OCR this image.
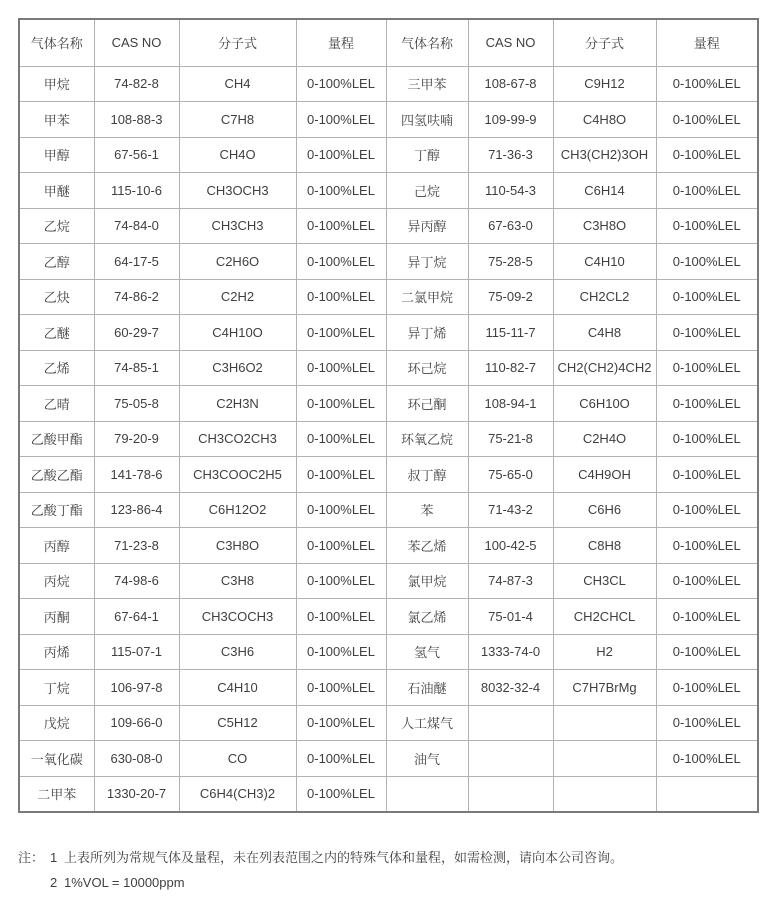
气体名称	CAS NO	分子式	量程	气体名称	CAS NO	分子式	量程
甲烷	74-82-8	CH4	0-100%LEL	三甲苯	108-67-8	C9H12	0-100%LEL
甲苯	108-88-3	C7H8	0-100%LEL	四氢呋喃	109-99-9	C4H8O	0-100%LEL
甲醇	67-56-1	CH4O	0-100%LEL	丁醇	71-36-3	CH3(CH2)3OH	0-100%LEL
甲醚	115-10-6	CH3OCH3	0-100%LEL	己烷	110-54-3	C6H14	0-100%LEL
乙烷	74-84-0	CH3CH3	0-100%LEL	异丙醇	67-63-0	C3H8O	0-100%LEL
乙醇	64-17-5	C2H6O	0-100%LEL	异丁烷	75-28-5	C4H10	0-100%LEL
乙炔	74-86-2	C2H2	0-100%LEL	二氯甲烷	75-09-2	CH2CL2	0-100%LEL
乙醚	60-29-7	C4H10O	0-100%LEL	异丁烯	115-11-7	C4H8	0-100%LEL
乙烯	74-85-1	C3H6O2	0-100%LEL	环己烷	110-82-7	CH2(CH2)4CH2	0-100%LEL
乙晴	75-05-8	C2H3N	0-100%LEL	环己酮	108-94-1	C6H10O	0-100%LEL
乙酸甲酯	79-20-9	CH3CO2CH3	0-100%LEL	环氧乙烷	75-21-8	C2H4O	0-100%LEL
乙酸乙酯	141-78-6	CH3COOC2H5	0-100%LEL	叔丁醇	75-65-0	C4H9OH	0-100%LEL
乙酸丁酯	123-86-4	C6H12O2	0-100%LEL	苯	71-43-2	C6H6	0-100%LEL
丙醇	71-23-8	C3H8O	0-100%LEL	苯乙烯	100-42-5	C8H8	0-100%LEL
丙烷	74-98-6	C3H8	0-100%LEL	氯甲烷	74-87-3	CH3CL	0-100%LEL
丙酮	67-64-1	CH3COCH3	0-100%LEL	氯乙烯	75-01-4	CH2CHCL	0-100%LEL
丙烯	115-07-1	C3H6	0-100%LEL	氢气	1333-74-0	H2	0-100%LEL
丁烷	106-97-8	C4H10	0-100%LEL	石油醚	8032-32-4	C7H7BrMg	0-100%LEL
戊烷	109-66-0	C5H12	0-100%LEL	人工煤气			0-100%LEL
一氧化碳	630-08-0	CO	0-100%LEL	油气			0-100%LEL
二甲苯	1330-20-7	C6H4(CH3)2	0-100%LEL				
注： 1 上表所列为常规气体及量程，未在列表范围之内的特殊气体和量程，如需检测，请向本公司咨询。
2 1%VOL = 10000ppm
